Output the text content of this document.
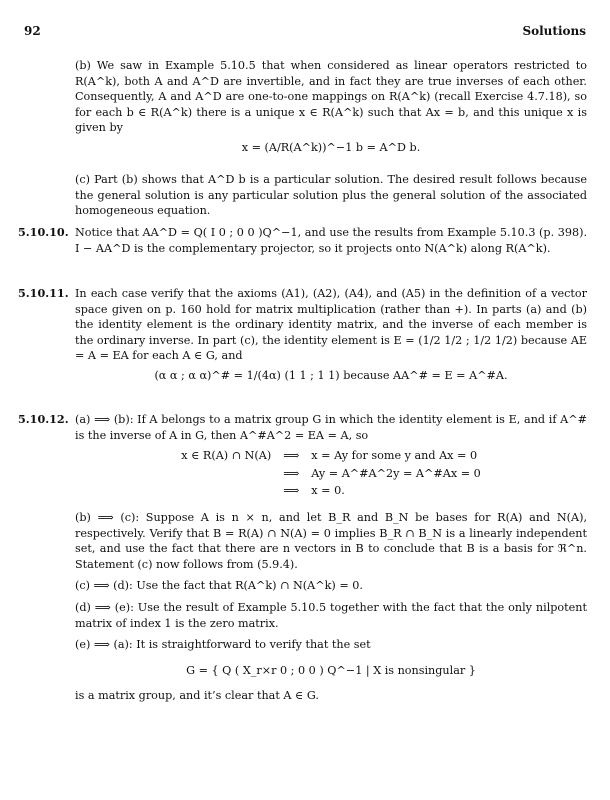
92	Solutions

(b) We saw in Example 5.10.5 that when considered as linear operators restricted to R(A^k), both A and A^D are invertible, and in fact they are true inverses of each other. Consequently, A and A^D are one-to-one mappings on R(A^k) (recall Exercise 4.7.18), so for each b ∈ R(A^k) there is a unique x ∈ R(A^k) such that Ax = b, and this unique x is given by

x = (A/R(A^k))^−1 b = A^D b.

(c) Part (b) shows that A^D b is a particular solution. The desired result follows because the general solution is any particular solution plus the general solution of the associated homogeneous equation.

5.10.10. Notice that AA^D = Q( I 0 ; 0 0 )Q^−1, and use the results from Example 5.10.3 (p. 398). I − AA^D is the complementary projector, so it projects onto N(A^k) along R(A^k).

5.10.11. In each case verify that the axioms (A1), (A2), (A4), and (A5) in the definition of a vector space given on p. 160 hold for matrix multiplication (rather than +). In parts (a) and (b) the identity element is the ordinary identity matrix, and the inverse of each member is the ordinary inverse. In part (c), the identity element is E = (1/2 1/2 ; 1/2 1/2) because AE = A = EA for each A ∈ G, and

(α α ; α α)^# = 1/(4α) (1 1 ; 1 1) because AA^# = E = A^#A.
5.10.12. (a) ⟹ (b): If A belongs to a matrix group G in which the identity element is E, and if A^# is the inverse of A in G, then A^#A^2 = EA = A, so

x ∈ R(A) ∩ N(A)	⟹	x = Ay for some y and Ax = 0
	⟹	Ay = A^#A^2y = A^#Ax = 0
	⟹	x = 0.

(b) ⟹ (c): Suppose A is n × n, and let B_R and B_N be bases for R(A) and N(A), respectively. Verify that B = R(A) ∩ N(A) = 0 implies B_R ∩ B_N is a linearly independent set, and use the fact that there are n vectors in B to conclude that B is a basis for ℜ^n. Statement (c) now follows from (5.9.4).

(c) ⟹ (d): Use the fact that R(A^k) ∩ N(A^k) = 0.

(d) ⟹ (e): Use the result of Example 5.10.5 together with the fact that the only nilpotent matrix of index 1 is the zero matrix.

(e) ⟹ (a): It is straightforward to verify that the set

G = { Q ( X_r×r 0 ; 0 0 ) Q^−1 | X is nonsingular }

is a matrix group, and it’s clear that A ∈ G.
